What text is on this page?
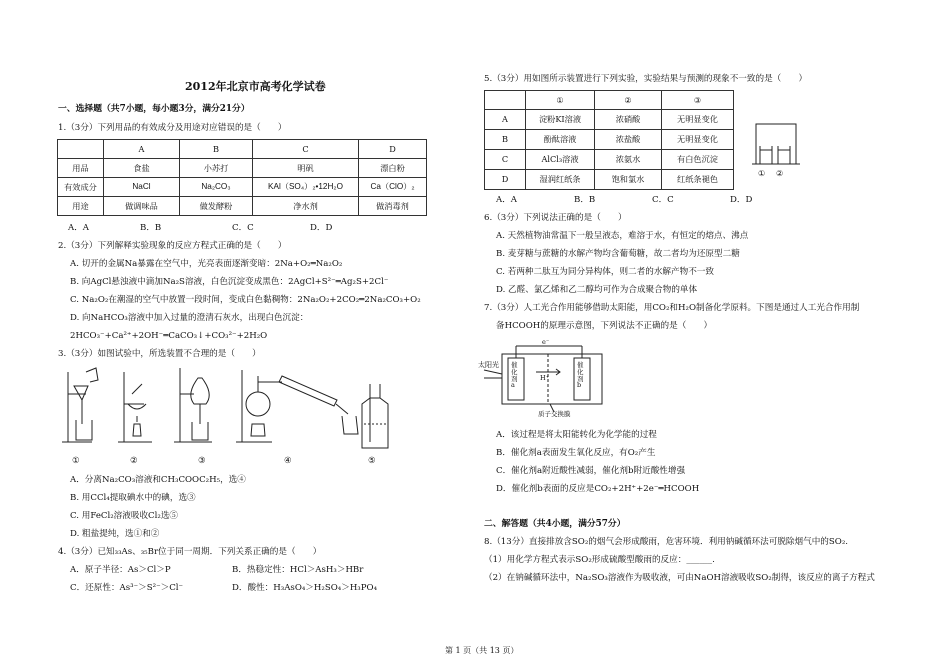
2012年北京市高考化学试卷
一、选择题（共7小题，每小题3分，满分21分）
1.（3分）下列用品的有效成分及用途对应错误的是（　　）
	A	B	C	D
用品	食盐	小苏打	明矾	漂白粉
有效成分	NaCl	Na₂CO₃	KAl（SO₄）₂•12H₂O	Ca（ClO）₂
用途	做调味品	做发酵粉	净水剂	做消毒剂
A．A	B．B	C．C	D．D
2.（3分）下列解释实验现象的反应方程式正确的是（　　）
A. 切开的金属Na暴露在空气中，光亮表面逐渐变暗：2Na+O₂═Na₂O₂
B. 向AgCl悬浊液中滴加Na₂S溶液，白色沉淀变成黑色：2AgCl+S²⁻═Ag₂S+2Cl⁻
C. Na₂O₂在潮湿的空气中放置一段时间，变成白色黏稠物：2Na₂O₂+2CO₂═2Na₂CO₃+O₂
D. 向NaHCO₃溶液中加入过量的澄清石灰水，出现白色沉淀：
2HCO₃⁻+Ca²⁺+2OH⁻═CaCO₃↓+CO₃²⁻+2H₂O
3.（3分）如图试验中，所选装置不合理的是（　　）
①	②	③	④	⑤
A．分离Na₂CO₃溶液和CH₃COOC₂H₅，选④
B. 用CCl₄提取碘水中的碘，选③
C. 用FeCl₂溶液吸收Cl₂选⑤
D. 粗盐提纯，选①和②
4.（3分）已知₃₃As、₃₅Br位于同一周期．下列关系正确的是（　　）
A．原子半径：As＞Cl＞P	B．热稳定性：HCl＞AsH₃＞HBr
C．还原性：As³⁻＞S²⁻＞Cl⁻	D．酸性：H₃AsO₄＞H₂SO₄＞H₃PO₄
5.（3分）用如图所示装置进行下列实验，实验结果与预测的现象不一致的是（　　）
	①	②	③
A	淀粉KI溶液	浓硝酸	无明显变化
B	酚酞溶液	浓盐酸	无明显变化
C	AlCl₃溶液	浓氨水	有白色沉淀
D	湿润红纸条	饱和氯水	红纸条褪色
① ②
A．A	B．B	C．C	D．D
6.（3分）下列说法正确的是（　　）
A. 天然植物油常温下一般呈液态，难溶于水，有恒定的熔点、沸点
B. 麦芽糖与蔗糖的水解产物均含葡萄糖，故二者均为还原型二糖
C. 若两种二肽互为同分异构体，则二者的水解产物不一致
D. 乙醛、氯乙烯和乙二醇均可作为合成聚合物的单体
7.（3分）人工光合作用能够借助太阳能，用CO₂和H₂O制备化学原料。下图是通过人工光合作用制
备HCOOH的原理示意图，下列说法不正确的是（　　）
太阳光 催化剂a
催化剂b
e⁻
H⁺
质子交换膜
A．该过程是将太阳能转化为化学能的过程
B．催化剂a表面发生氧化反应，有O₂产生
C．催化剂a附近酸性减弱，催化剂b附近酸性增强
D．催化剂b表面的反应是CO₂+2H⁺+2e⁻═HCOOH
二、解答题（共4小题，满分57分）
8.（13分）直接排放含SO₂的烟气会形成酸雨，危害环境．利用钠碱循环法可脱除烟气中的SO₂.
（1）用化学方程式表示SO₂形成硫酸型酸雨的反应：______.
（2）在钠碱循环法中，Na₂SO₃溶液作为吸收液，可由NaOH溶液吸收SO₂制得，该反应的离子方程式
第 1 页（共 13 页）
